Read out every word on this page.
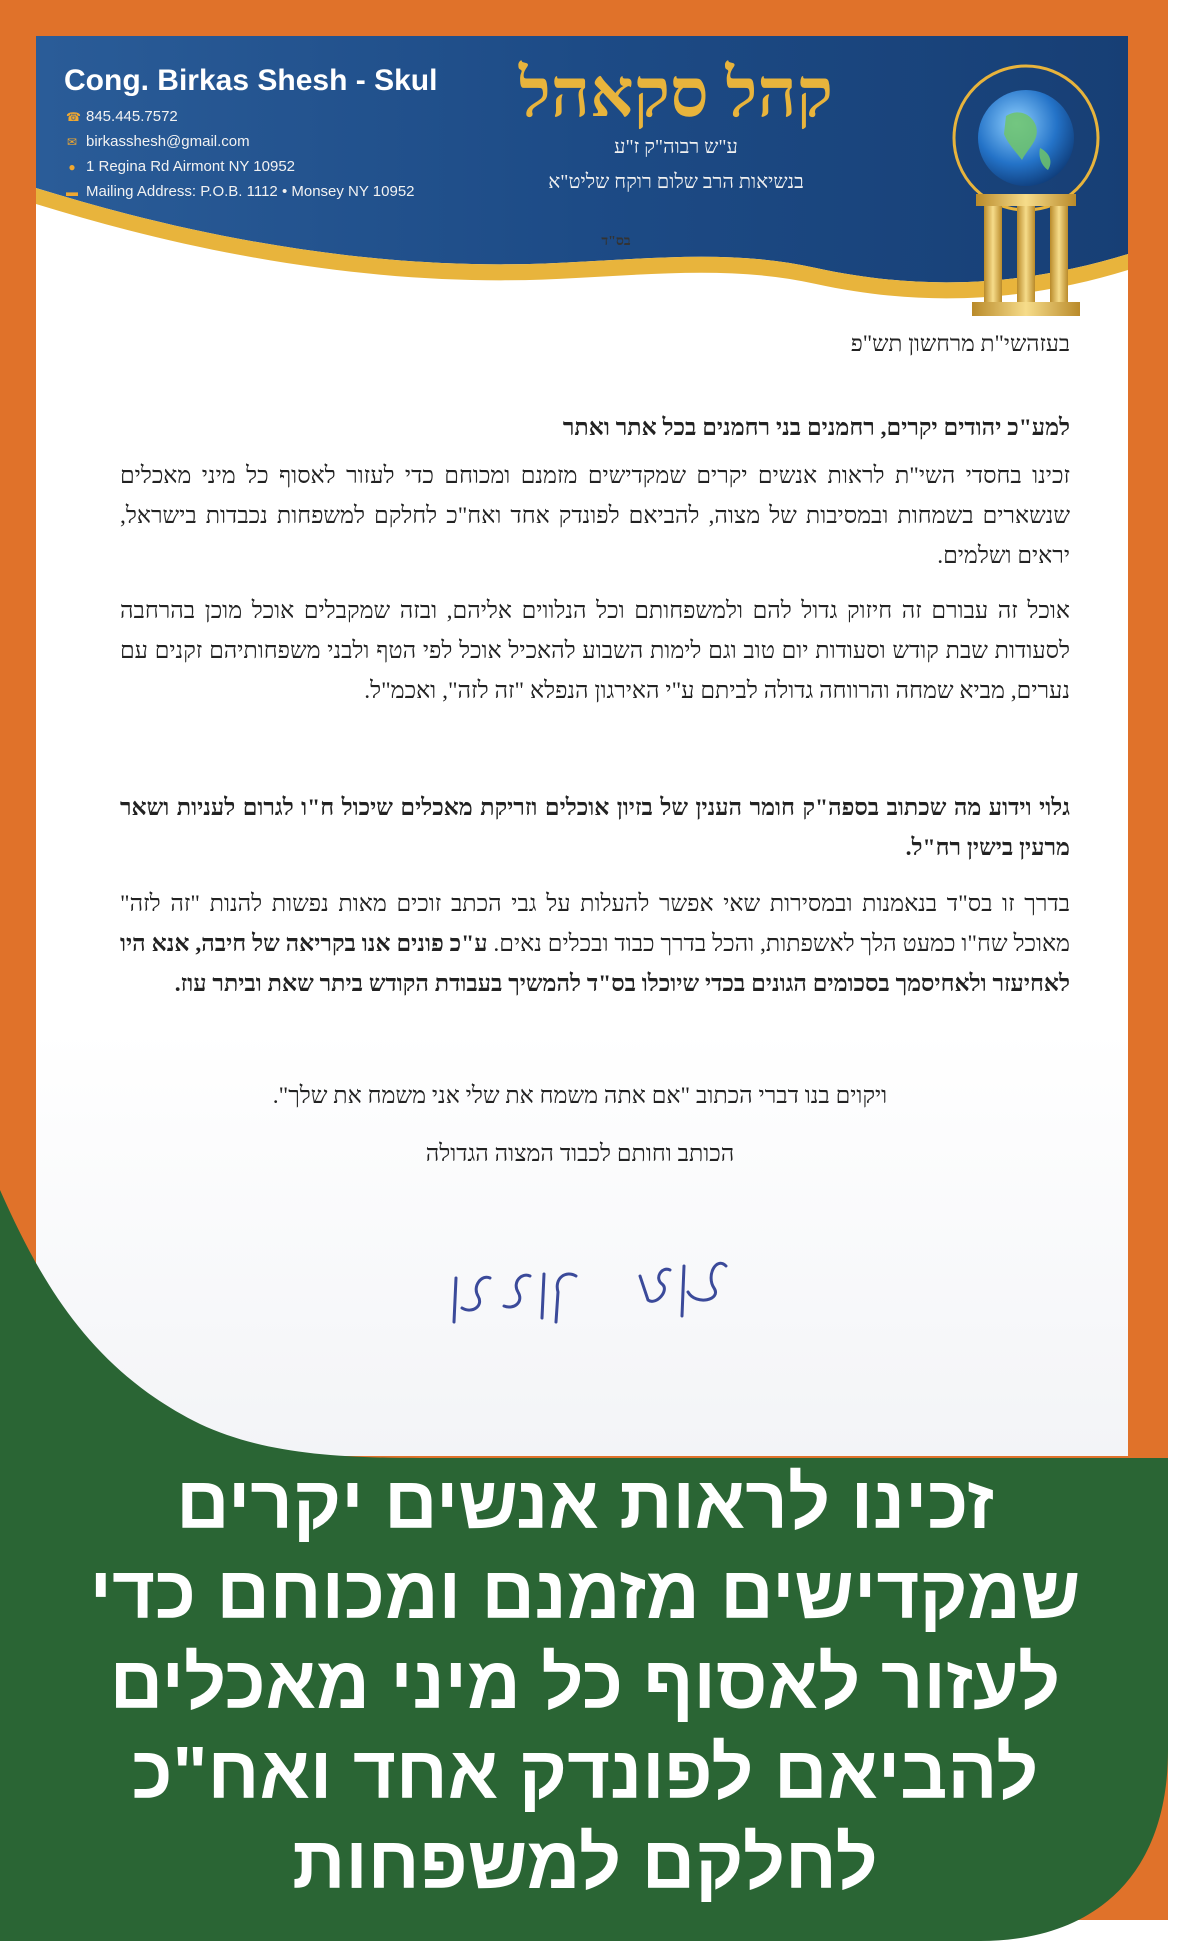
Cong. Birkas Shesh - Skul
☎ 845.445.7572
✉ birkasshesh@gmail.com
● 1 Regina Rd Airmont NY 10952
▬ Mailing Address: P.O.B. 1112 • Monsey NY 10952
קהל סקאהל
ע"ש רבוה"ק ז"ע
בנשיאות הרב שלום רוקח שליט"א
בס"ד
בעזהשי"ת מרחשון תש"פ
למע"כ יהודים יקרים, רחמנים בני רחמנים בכל אתר ואתר
זכינו בחסדי השי"ת לראות אנשים יקרים שמקדישים מזמנם ומכוחם כדי לעזור לאסוף כל מיני מאכלים שנשארים בשמחות ובמסיבות של מצוה, להביאם לפונדק אחד ואח"כ לחלקם למשפחות נכבדות בישראל, יראים ושלמים.
אוכל זה עבורם זה חיזוק גדול להם ולמשפחותם וכל הנלווים אליהם, ובזה שמקבלים אוכל מוכן בהרחבה לסעודות שבת קודש וסעודות יום טוב וגם לימות השבוע להאכיל אוכל לפי הטף ולבני משפחותיהם זקנים עם נערים, מביא שמחה והרווחה גדולה לביתם ע"י האירגון הנפלא "זה לזה", ואכמ"ל.
גלוי וידוע מה שכתוב בספה"ק חומר הענין של בזיון אוכלים וזריקת מאכלים שיכול ח"ו לגרום לעניות ושאר מרעין בישין רח"ל.
בדרך זו בס"ד בנאמנות ובמסירות שאי אפשר להעלות על גבי הכתב זוכים מאות נפשות להנות "זה לזה" מאוכל שח"ו כמעט הלך לאשפתות, והכל בדרך כבוד ובכלים נאים. ע"כ פונים אנו בקריאה של חיבה, אנא היו לאחיעזר ולאחיסמך בסכומים הגונים בכדי שיוכלו בס"ד להמשיך בעבודת הקודש ביתר שאת וביתר עוז.
ויקוים בנו דברי הכתוב "אם אתה משמח את שלי אני משמח את שלך".
הכותב וחותם לכבוד המצוה הגדולה
זכינו לראות אנשים יקרים שמקדישים מזמנם ומכוחם כדי לעזור לאסוף כל מיני מאכלים להביאם לפונדק אחד ואח"כ לחלקם למשפחות
